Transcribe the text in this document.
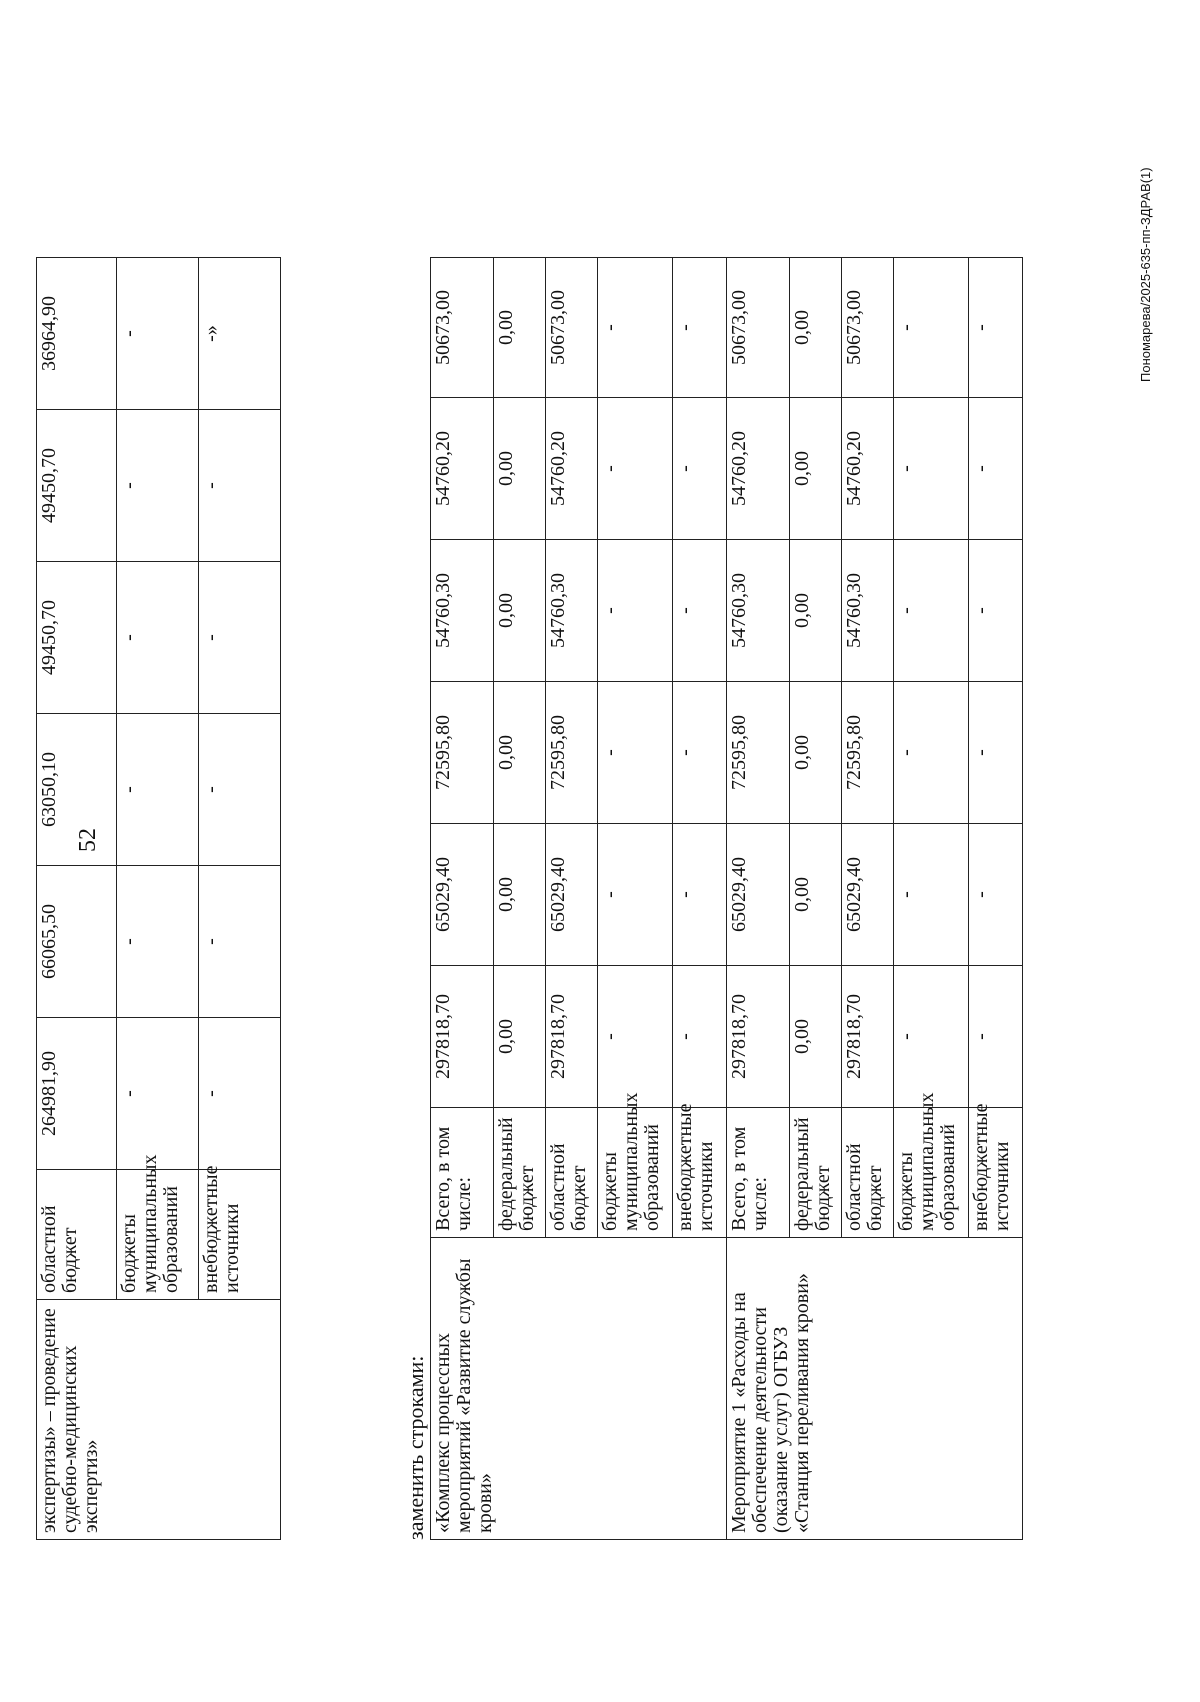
52
экспертизы» – проведение судебно-медицинских экспертиз»	областной бюджет	264981,90	66065,50	63050,10	49450,70	49450,70	36964,90
	бюджеты муниципальных образований	-	-	-	-	-	-
	внебюджетные источники	-	-	-	-	-	-»
заменить строками: «Комплекс процессных мероприятий «Развитие службы крови»	Всего, в том числе:	297818,70	65029,40	72595,80	54760,30	54760,20	50673,00
	федеральный бюджет	0,00	0,00	0,00	0,00	0,00	0,00
	областной бюджет	297818,70	65029,40	72595,80	54760,30	54760,20	50673,00
	бюджеты муниципальных образований	-	-	-	-	-	-
	внебюджетные источники	-	-	-	-	-	-
Мероприятие 1 «Расходы на обеспечение деятельности (оказание услуг) ОГБУЗ «Станция переливания крови»	Всего, в том числе:	297818,70	65029,40	72595,80	54760,30	54760,20	50673,00
	федеральный бюджет	0,00	0,00	0,00	0,00	0,00	0,00
	областной бюджет	297818,70	65029,40	72595,80	54760,30	54760,20	50673,00
	бюджеты муниципальных образований	-	-	-	-	-	-
	внебюджетные источники	-	-	-	-	-	-	Пономарева/2025-635-пп-ЗДРАВ(1)
